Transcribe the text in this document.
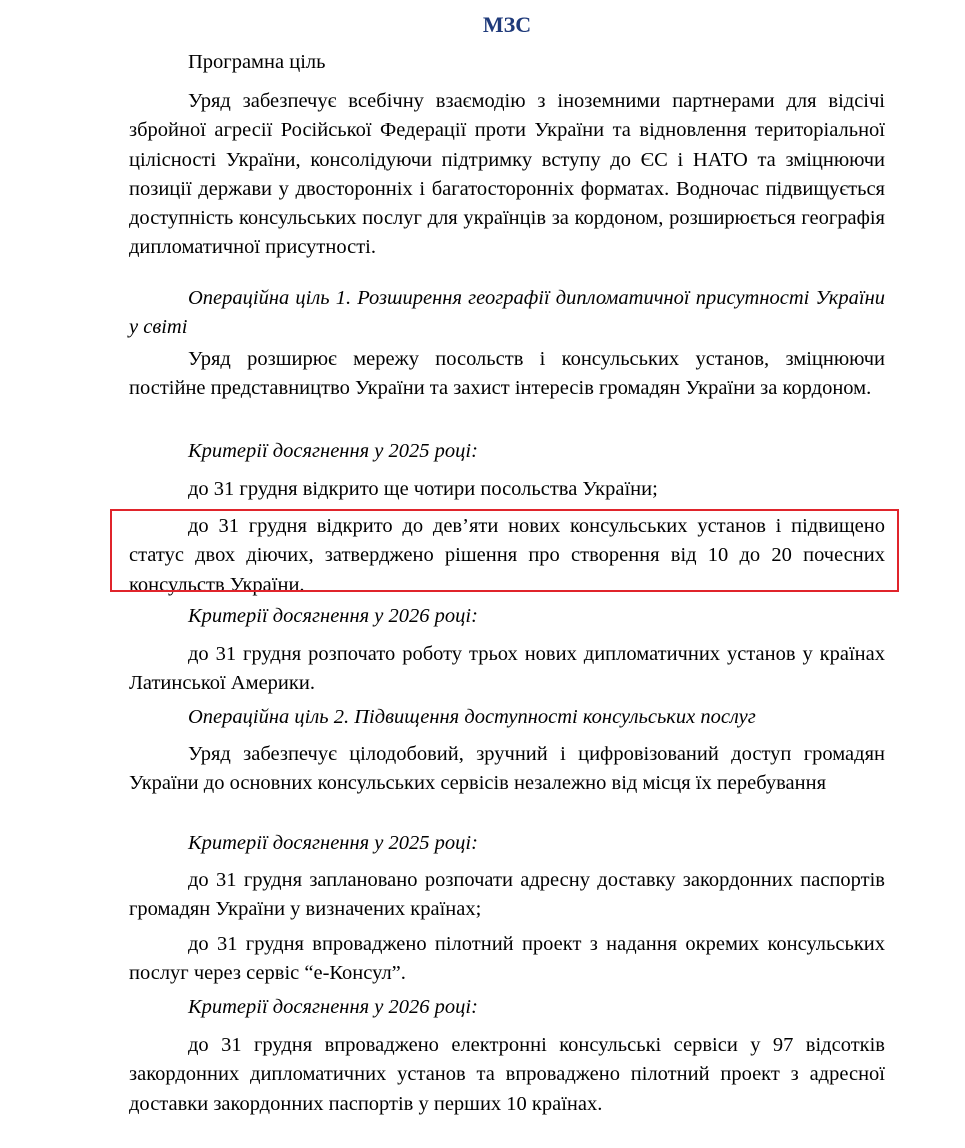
МЗС

Програмна ціль

Уряд забезпечує всебічну взаємодію з іноземними партнерами для відсічі збройної агресії Російської Федерації проти України та відновлення територіальної цілісності України, консолідуючи підтримку вступу до ЄС і НАТО та зміцнюючи позиції держави у двосторонніх і багатосторонніх форматах. Водночас підвищується доступність консульських послуг для українців за кордоном, розширюється географія дипломатичної присутності.

Операційна ціль 1. Розширення географії дипломатичної присутності України у світі

Уряд розширює мережу посольств і консульських установ, зміцнюючи постійне представництво України та захист інтересів громадян України за кордоном.

Критерії досягнення у 2025 році:

до 31 грудня відкрито ще чотири посольства України;

до 31 грудня відкрито до дев’яти нових консульських установ і підвищено статус двох діючих, затверджено рішення про створення від 10 до 20 почесних консульств України.

Критерії досягнення у 2026 році:

до 31 грудня розпочато роботу трьох нових дипломатичних установ у країнах Латинської Америки.

Операційна ціль 2. Підвищення доступності консульських послуг

Уряд забезпечує цілодобовий, зручний і цифровізований доступ громадян України до основних консульських сервісів незалежно від місця їх перебування

Критерії досягнення у 2025 році:

до 31 грудня заплановано розпочати адресну доставку закордонних паспортів громадян України у визначених країнах;

до 31 грудня впроваджено пілотний проект з надання окремих консульських послуг через сервіс “е-Консул”.

Критерії досягнення у 2026 році:

до 31 грудня впроваджено електронні консульські сервіси у 97 відсотків закордонних дипломатичних установ та впроваджено пілотний проект з адресної доставки закордонних паспортів у перших 10 країнах.
